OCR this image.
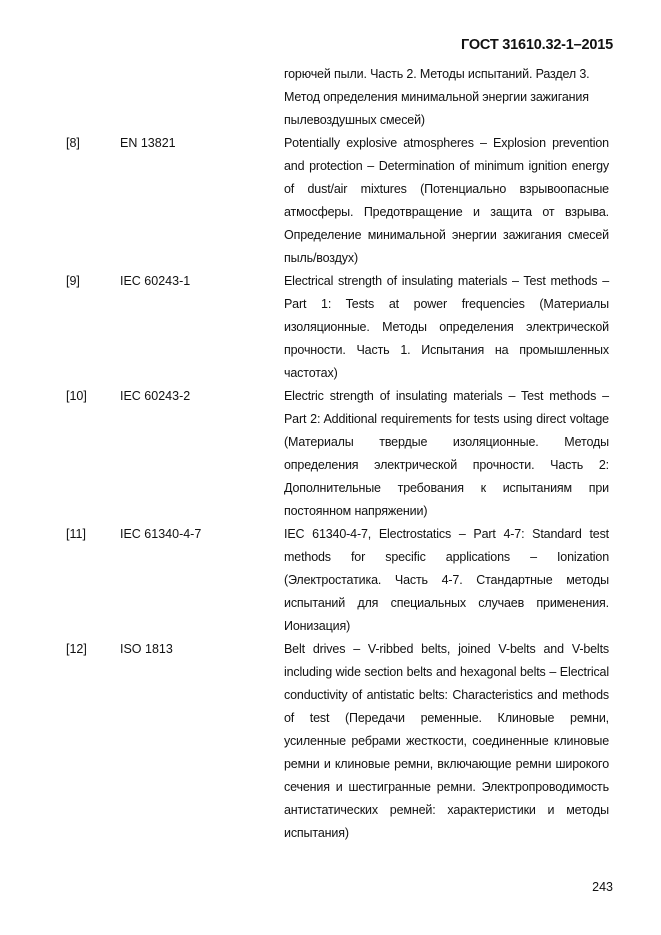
ГОСТ 31610.32-1–2015
горючей пыли. Часть 2. Методы испытаний. Раздел 3. Метод определения минимальной энергии зажигания пылевоздушных смесей)
[8]	EN 13821	Potentially explosive atmospheres – Explosion prevention and protection – Determination of minimum ignition energy of dust/air mixtures (Потенциально взрывоопасные атмосферы. Предотвращение и защита от взрыва. Определение минимальной энергии зажигания смесей пыль/воздух)
[9]	IEC 60243-1	Electrical strength of insulating materials – Test methods – Part 1: Tests at power frequencies (Материалы изоляционные. Методы определения электрической прочности. Часть 1. Испытания на промышленных частотах)
[10]	IEC 60243-2	Electric strength of insulating materials – Test methods – Part 2: Additional requirements for tests using direct voltage (Материалы твердые изоляционные. Методы определения электрической прочности. Часть 2: Дополнительные требования к испытаниям при постоянном напряжении)
[11]	IEC 61340-4-7	IEC 61340-4-7, Electrostatics – Part 4-7: Standard test methods for specific applications – Ionization (Электростатика. Часть 4-7. Стандартные методы испытаний для специальных случаев применения. Ионизация)
[12]	ISO 1813	Belt drives – V-ribbed belts, joined V-belts and V-belts including wide section belts and hexagonal belts – Electrical conductivity of antistatic belts: Characteristics and methods of test (Передачи ременные. Клиновые ремни, усиленные ребрами жесткости, соединенные клиновые ремни и клиновые ремни, включающие ремни широкого сечения и шестигранные ремни. Электропроводимость антистатических ремней: характеристики и методы испытания)
243
